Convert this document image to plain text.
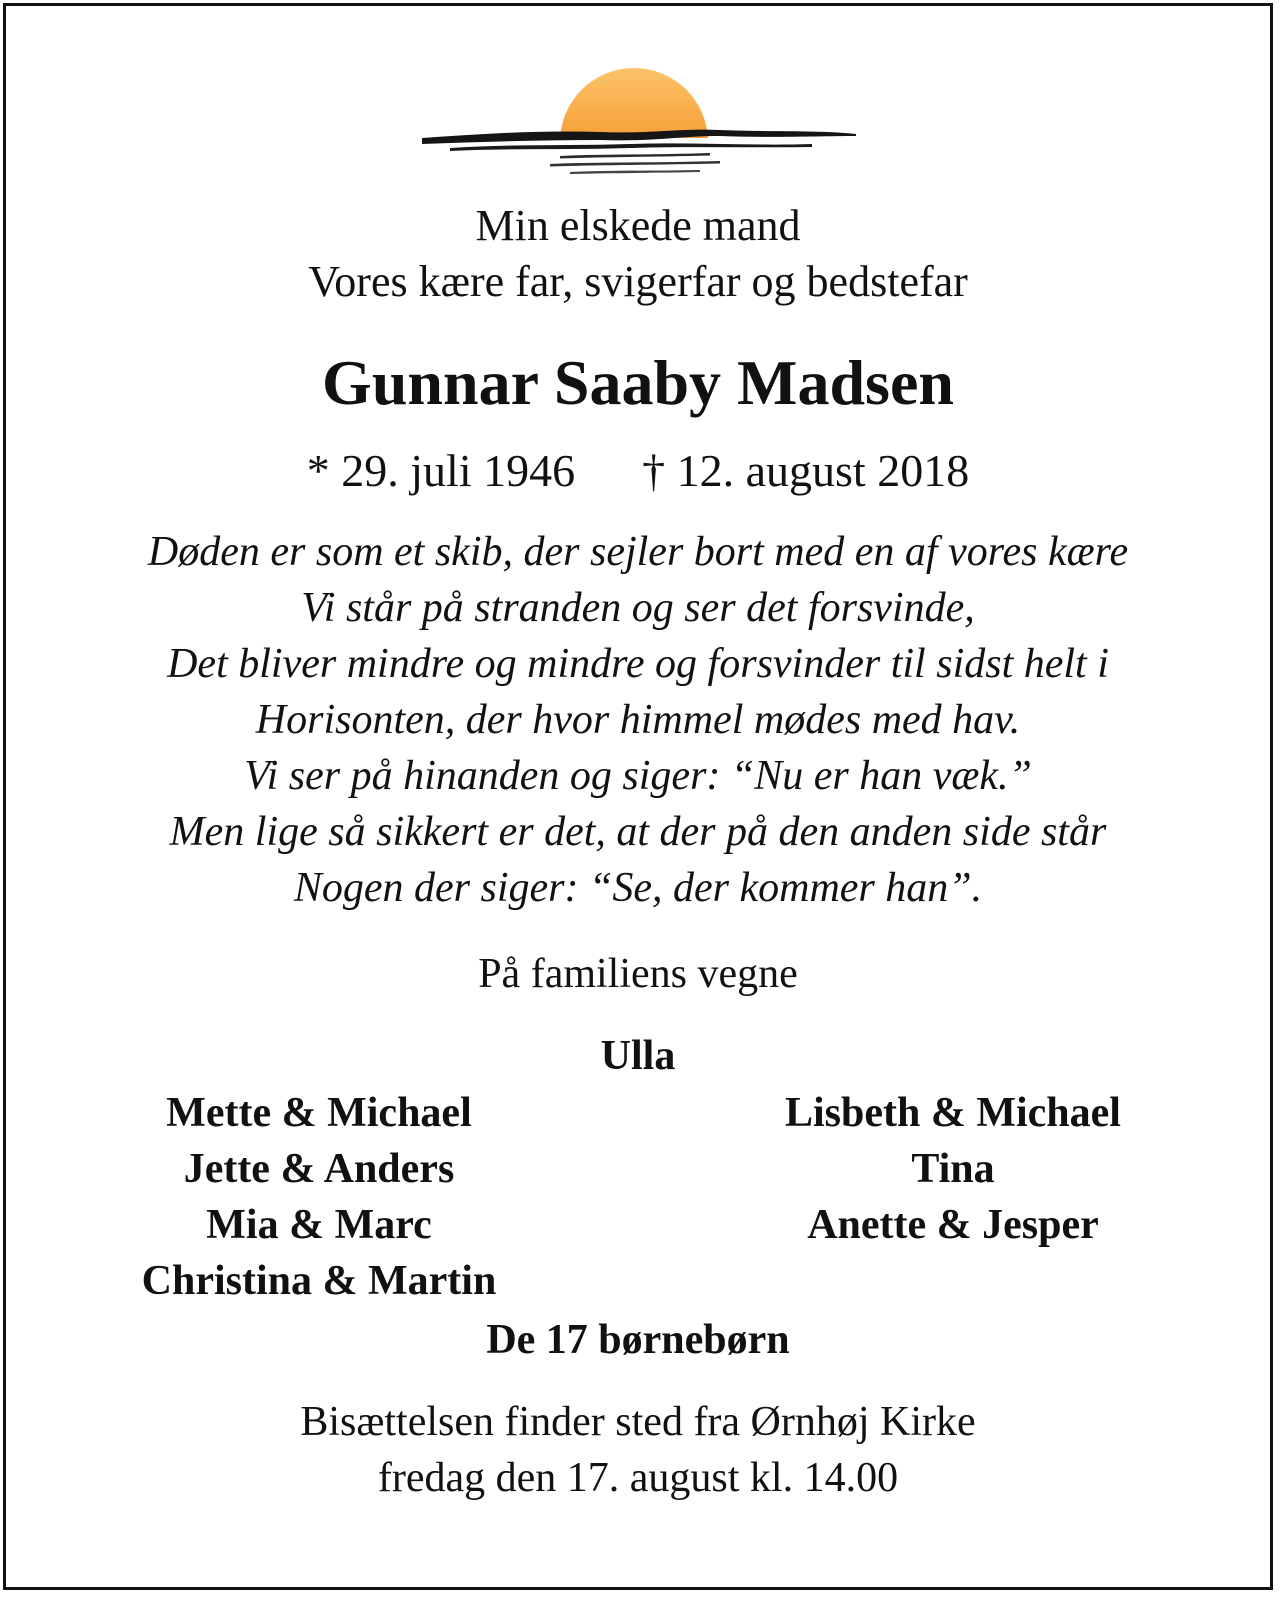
Min elskede mand
Vores kære far, svigerfar og bedstefar
Gunnar Saaby Madsen
* 29. juli 1946 † 12. august 2018
Døden er som et skib, der sejler bort med en af vores kære
Vi står på stranden og ser det forsvinde,
Det bliver mindre og mindre og forsvinder til sidst helt i
Horisonten, der hvor himmel mødes med hav.
Vi ser på hinanden og siger: “Nu er han væk.”
Men lige så sikkert er det, at der på den anden side står
Nogen der siger: “Se, der kommer han”.
På familiens vegne
Ulla
Mette & Michael
Jette & Anders
Mia & Marc
Christina & Martin
Lisbeth & Michael
Tina
Anette & Jesper
De 17 børnebørn
Bisættelsen finder sted fra Ørnhøj Kirke
fredag den 17. august kl. 14.00
